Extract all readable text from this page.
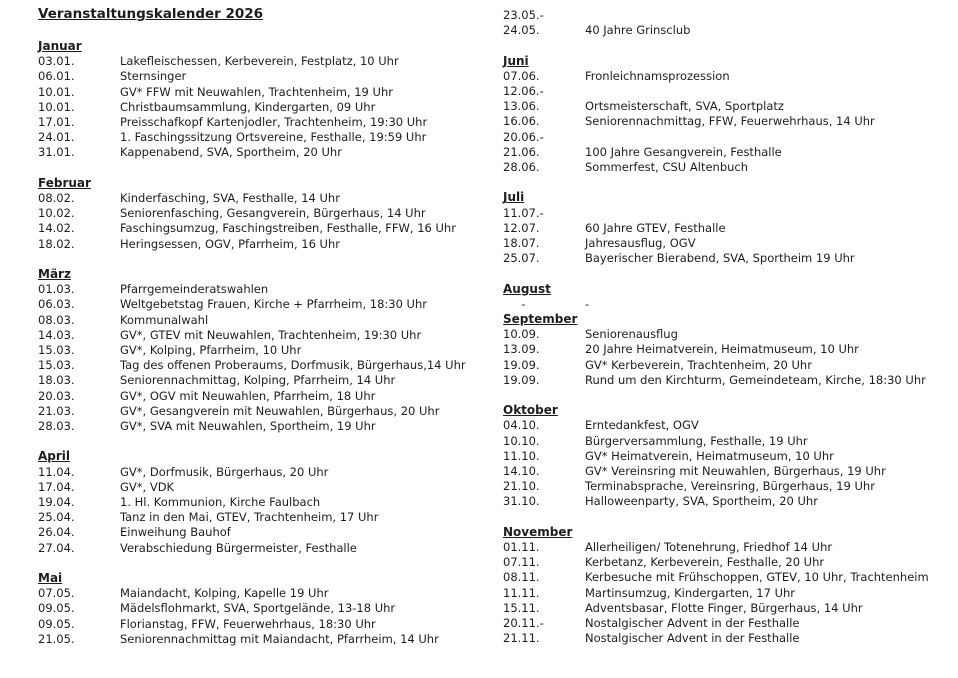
Veranstaltungskalender 2026
Januar
03.01.	Lakefleischessen, Kerbeverein, Festplatz, 10 Uhr
06.01.	Sternsinger
10.01.	GV* FFW mit Neuwahlen, Trachtenheim, 19 Uhr
10.01.	Christbaumsammlung, Kindergarten, 09 Uhr
17.01.	Preisschafkopf Kartenjodler, Trachtenheim, 19:30 Uhr
24.01.	1. Faschingssitzung Ortsvereine, Festhalle, 19:59 Uhr
31.01.	Kappenabend, SVA, Sportheim, 20 Uhr
Februar
08.02.	Kinderfasching, SVA, Festhalle, 14 Uhr
10.02.	Seniorenfasching, Gesangverein, Bürgerhaus, 14 Uhr
14.02.	Faschingsumzug, Faschingstreiben, Festhalle, FFW, 16 Uhr
18.02.	Heringsessen, OGV, Pfarrheim, 16 Uhr
März
01.03.	Pfarrgemeinderatswahlen
06.03.	Weltgebetstag Frauen, Kirche + Pfarrheim, 18:30 Uhr
08.03.	Kommunalwahl
14.03.	GV*, GTEV mit Neuwahlen, Trachtenheim, 19:30 Uhr
15.03.	GV*, Kolping, Pfarrheim, 10 Uhr
15.03.	Tag des offenen Proberaums, Dorfmusik, Bürgerhaus,14 Uhr
18.03.	Seniorennachmittag, Kolping, Pfarrheim, 14 Uhr
20.03.	GV*, OGV mit Neuwahlen, Pfarrheim, 18 Uhr
21.03.	GV*, Gesangverein mit Neuwahlen, Bürgerhaus, 20 Uhr
28.03.	GV*, SVA mit Neuwahlen, Sportheim, 19 Uhr
April
11.04.	GV*, Dorfmusik, Bürgerhaus, 20 Uhr
17.04.	GV*, VDK
19.04.	1. Hl. Kommunion, Kirche Faulbach
25.04.	Tanz in den Mai, GTEV, Trachtenheim, 17 Uhr
26.04.	Einweihung Bauhof
27.04.	Verabschiedung Bürgermeister, Festhalle
Mai
07.05.	Maiandacht, Kolping, Kapelle 19 Uhr
09.05.	Mädelsflohmarkt, SVA, Sportgelände, 13-18 Uhr
09.05.	Florianstag, FFW, Feuerwehrhaus, 18:30 Uhr
21.05.	Seniorennachmittag mit Maiandacht, Pfarrheim, 14 Uhr
23.05.-
24.05.	40 Jahre Grinsclub
Juni
07.06.	Fronleichnamsprozession
12.06.-
13.06.	Ortsmeisterschaft, SVA, Sportplatz
16.06.	Seniorennachmittag, FFW, Feuerwehrhaus, 14 Uhr
20.06.-
21.06.	100 Jahre Gesangverein, Festhalle
28.06.	Sommerfest, CSU Altenbuch
Juli
11.07.-
12.07.	60 Jahre GTEV, Festhalle
18.07.	Jahresausflug, OGV
25.07.	Bayerischer Bierabend, SVA, Sportheim 19 Uhr
August
-	-
September
10.09.	Seniorenausflug
13.09.	20 Jahre Heimatverein, Heimatmuseum, 10 Uhr
19.09.	GV* Kerbeverein, Trachtenheim, 20 Uhr
19.09.	Rund um den Kirchturm, Gemeindeteam, Kirche, 18:30 Uhr
Oktober
04.10.	Erntedankfest, OGV
10.10.	Bürgerversammlung, Festhalle, 19 Uhr
11.10.	GV* Heimatverein, Heimatmuseum, 10 Uhr
14.10.	GV* Vereinsring mit Neuwahlen, Bürgerhaus, 19 Uhr
21.10.	Terminabsprache, Vereinsring, Bürgerhaus, 19 Uhr
31.10.	Halloweenparty, SVA, Sportheim, 20 Uhr
November
01.11.	Allerheiligen/ Totenehrung, Friedhof 14 Uhr
07.11.	Kerbetanz, Kerbeverein, Festhalle, 20 Uhr
08.11.	Kerbesuche mit Frühschoppen, GTEV, 10 Uhr, Trachtenheim
11.11.	Martinsumzug, Kindergarten, 17 Uhr
15.11.	Adventsbasar, Flotte Finger, Bürgerhaus, 14 Uhr
20.11.-	Nostalgischer Advent in der Festhalle
21.11.	Nostalgischer Advent in der Festhalle
